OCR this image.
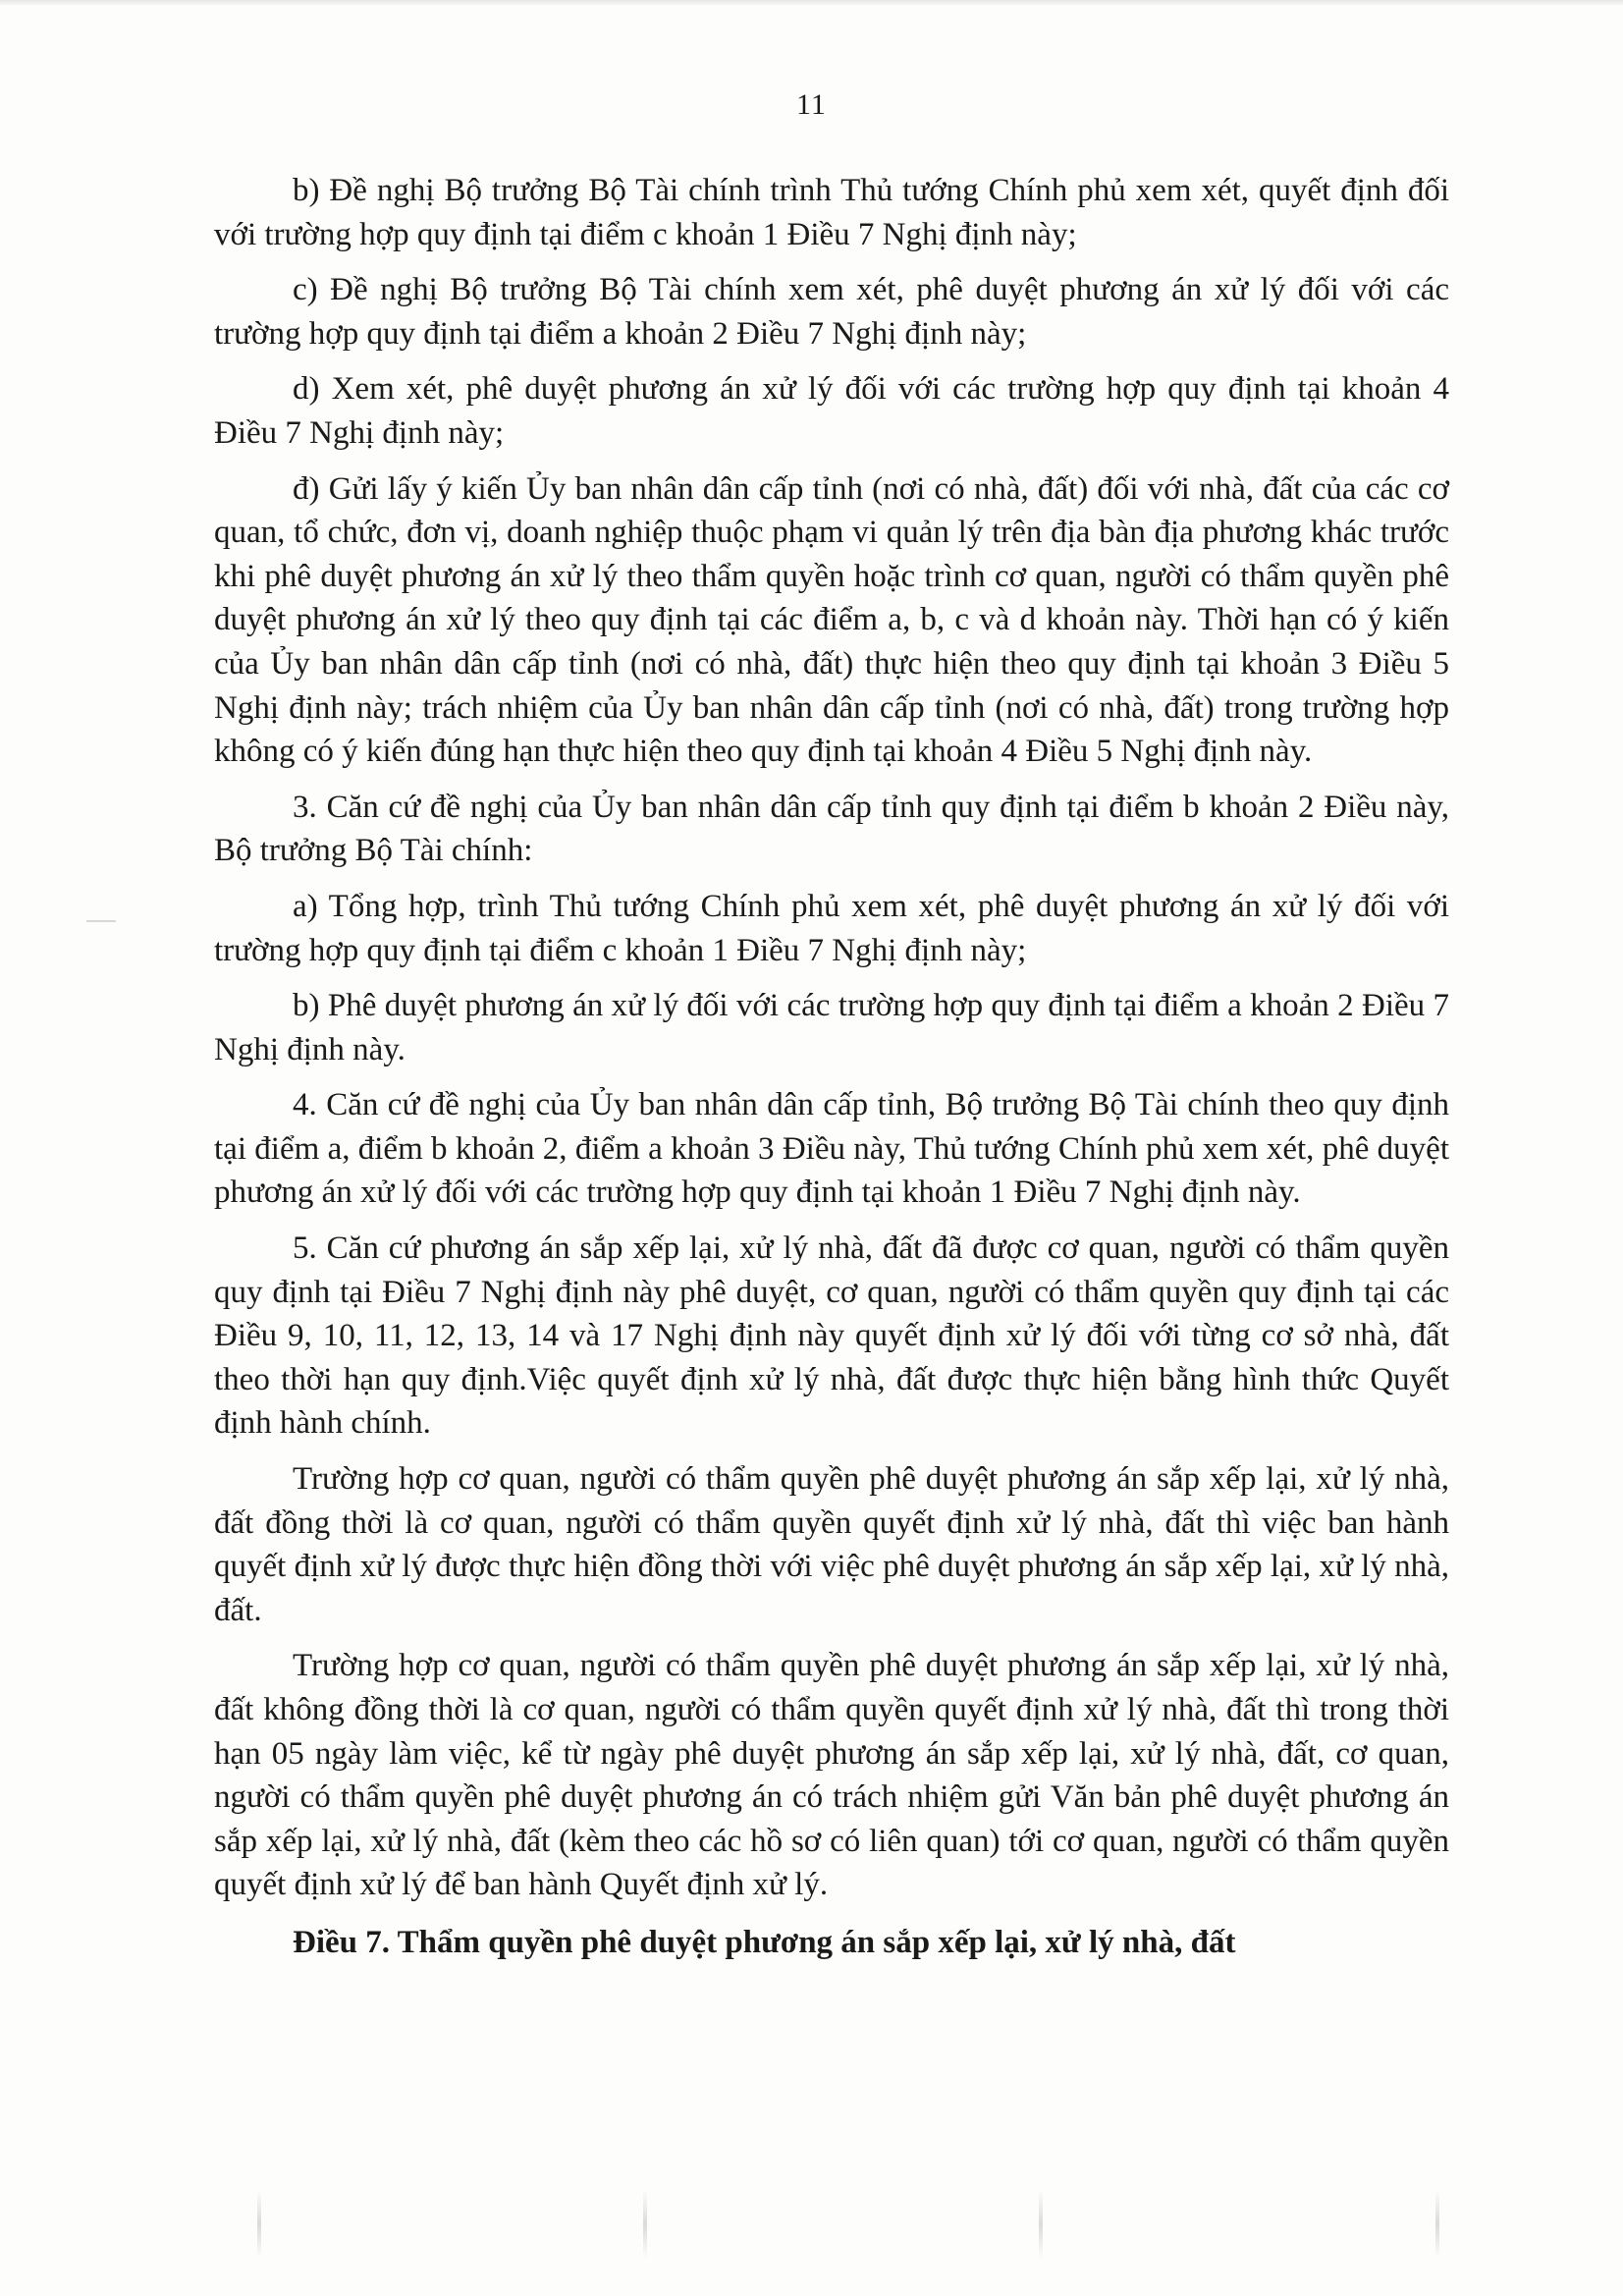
11

b) Đề nghị Bộ trưởng Bộ Tài chính trình Thủ tướng Chính phủ xem xét, quyết định đối với trường hợp quy định tại điểm c khoản 1 Điều 7 Nghị định này;

c) Đề nghị Bộ trưởng Bộ Tài chính xem xét, phê duyệt phương án xử lý đối với các trường hợp quy định tại điểm a khoản 2 Điều 7 Nghị định này;

d) Xem xét, phê duyệt phương án xử lý đối với các trường hợp quy định tại khoản 4 Điều 7 Nghị định này;

đ) Gửi lấy ý kiến Ủy ban nhân dân cấp tỉnh (nơi có nhà, đất) đối với nhà, đất của các cơ quan, tổ chức, đơn vị, doanh nghiệp thuộc phạm vi quản lý trên địa bàn địa phương khác trước khi phê duyệt phương án xử lý theo thẩm quyền hoặc trình cơ quan, người có thẩm quyền phê duyệt phương án xử lý theo quy định tại các điểm a, b, c và d khoản này. Thời hạn có ý kiến của Ủy ban nhân dân cấp tỉnh (nơi có nhà, đất) thực hiện theo quy định tại khoản 3 Điều 5 Nghị định này; trách nhiệm của Ủy ban nhân dân cấp tỉnh (nơi có nhà, đất) trong trường hợp không có ý kiến đúng hạn thực hiện theo quy định tại khoản 4 Điều 5 Nghị định này.

3. Căn cứ đề nghị của Ủy ban nhân dân cấp tỉnh quy định tại điểm b khoản 2 Điều này, Bộ trưởng Bộ Tài chính:

a) Tổng hợp, trình Thủ tướng Chính phủ xem xét, phê duyệt phương án xử lý đối với trường hợp quy định tại điểm c khoản 1 Điều 7 Nghị định này;

b) Phê duyệt phương án xử lý đối với các trường hợp quy định tại điểm a khoản 2 Điều 7 Nghị định này.

4. Căn cứ đề nghị của Ủy ban nhân dân cấp tỉnh, Bộ trưởng Bộ Tài chính theo quy định tại điểm a, điểm b khoản 2, điểm a khoản 3 Điều này, Thủ tướng Chính phủ xem xét, phê duyệt phương án xử lý đối với các trường hợp quy định tại khoản 1 Điều 7 Nghị định này.

5. Căn cứ phương án sắp xếp lại, xử lý nhà, đất đã được cơ quan, người có thẩm quyền quy định tại Điều 7 Nghị định này phê duyệt, cơ quan, người có thẩm quyền quy định tại các Điều 9, 10, 11, 12, 13, 14 và 17 Nghị định này quyết định xử lý đối với từng cơ sở nhà, đất theo thời hạn quy định.Việc quyết định xử lý nhà, đất được thực hiện bằng hình thức Quyết định hành chính.

Trường hợp cơ quan, người có thẩm quyền phê duyệt phương án sắp xếp lại, xử lý nhà, đất đồng thời là cơ quan, người có thẩm quyền quyết định xử lý nhà, đất thì việc ban hành quyết định xử lý được thực hiện đồng thời với việc phê duyệt phương án sắp xếp lại, xử lý nhà, đất.

Trường hợp cơ quan, người có thẩm quyền phê duyệt phương án sắp xếp lại, xử lý nhà, đất không đồng thời là cơ quan, người có thẩm quyền quyết định xử lý nhà, đất thì trong thời hạn 05 ngày làm việc, kể từ ngày phê duyệt phương án sắp xếp lại, xử lý nhà, đất, cơ quan, người có thẩm quyền phê duyệt phương án có trách nhiệm gửi Văn bản phê duyệt phương án sắp xếp lại, xử lý nhà, đất (kèm theo các hồ sơ có liên quan) tới cơ quan, người có thẩm quyền quyết định xử lý để ban hành Quyết định xử lý.

Điều 7. Thẩm quyền phê duyệt phương án sắp xếp lại, xử lý nhà, đất
